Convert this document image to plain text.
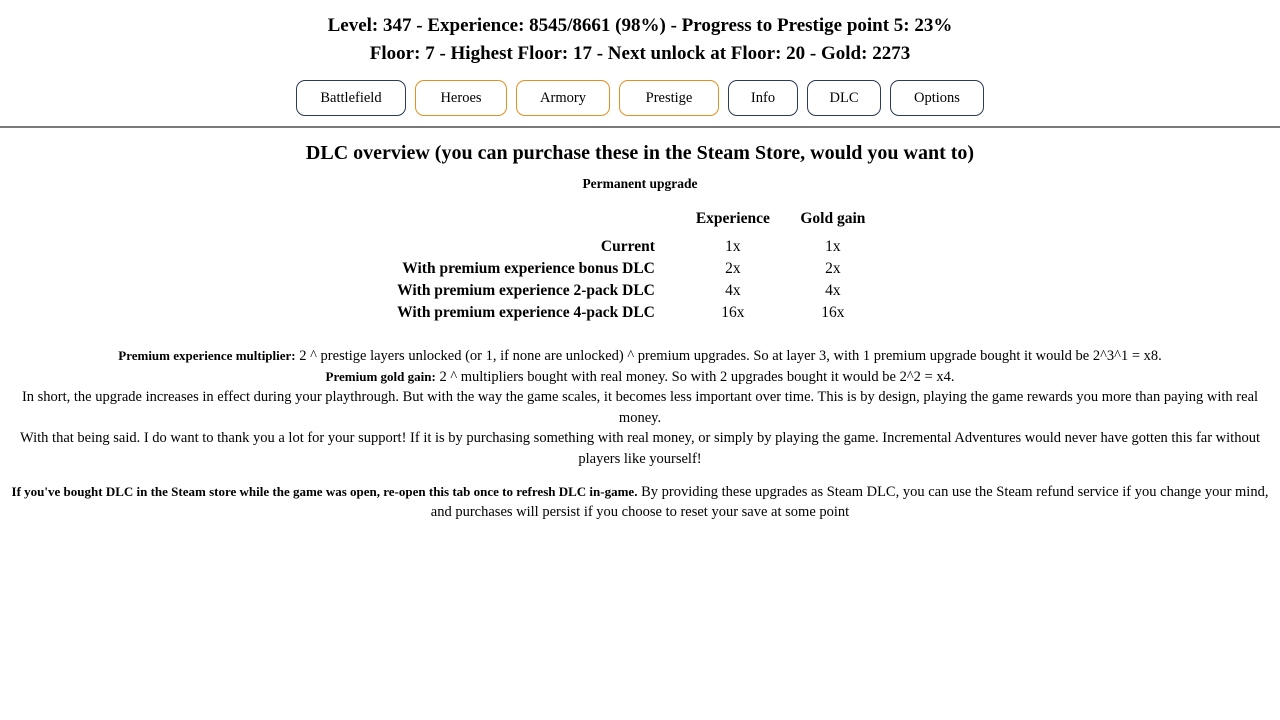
Level: 347 - Experience: 8545/8661 (98%) - Progress to Prestige point 5: 23%
Floor: 7 - Highest Floor: 17 - Next unlock at Floor: 20 - Gold: 2273
Battlefield	Heroes	Armory	Prestige	Info	DLC	Options
DLC overview (you can purchase these in the Steam Store, would you want to)
Permanent upgrade
	Experience	Gold gain
Current	1x	1x
With premium experience bonus DLC	2x	2x
With premium experience 2-pack DLC	4x	4x
With premium experience 4-pack DLC	16x	16x

Premium experience multiplier: 2 ^ prestige layers unlocked (or 1, if none are unlocked) ^ premium upgrades. So at layer 3, with 1 premium upgrade bought it would be 2^3^1 = x8.

Premium gold gain: 2 ^ multipliers bought with real money. So with 2 upgrades bought it would be 2^2 = x4.

In short, the upgrade increases in effect during your playthrough. But with the way the game scales, it becomes less important over time. This is by design, playing the game rewards you more than paying with real money.

With that being said. I do want to thank you a lot for your support! If it is by purchasing something with real money, or simply by playing the game. Incremental Adventures would never have gotten this far without players like yourself!

If you've bought DLC in the Steam store while the game was open, re-open this tab once to refresh DLC in-game. By providing these upgrades as Steam DLC, you can use the Steam refund service if you change your mind, and purchases will persist if you choose to reset your save at some point
